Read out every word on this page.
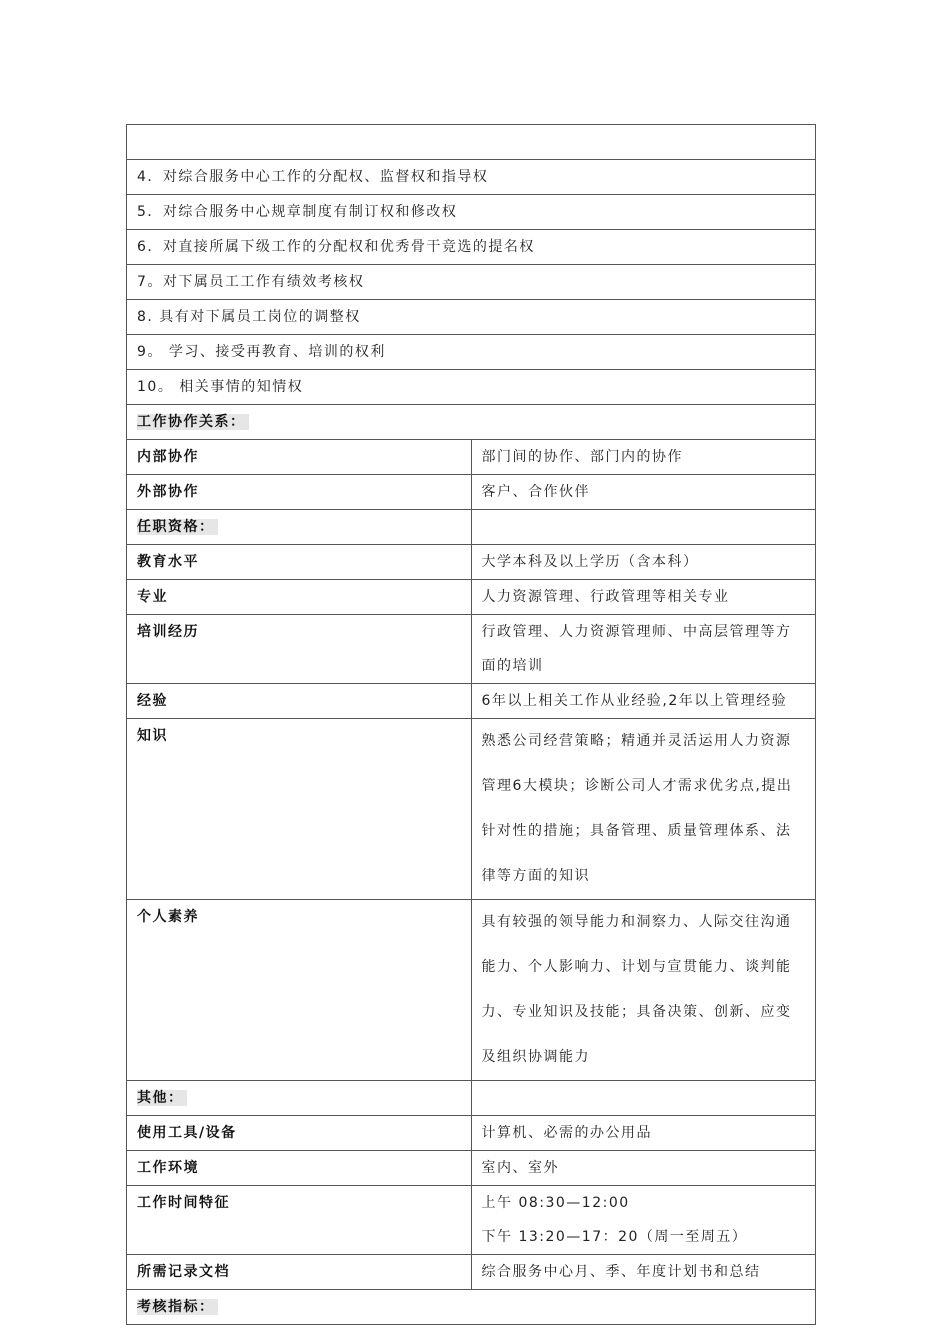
4．对综合服务中心工作的分配权、监督权和指导权	
5．对综合服务中心规章制度有制订权和修改权	
6．对直接所属下级工作的分配权和优秀骨干竞选的提名权	
7。对下属员工工作有绩效考核权	
8. 具有对下属员工岗位的调整权	
9。 学习、接受再教育、培训的权利	
10。 相关事情的知情权	
工作协作关系：	
内部协作	部门间的协作、部门内的协作
外部协作	客户、合作伙伴
任职资格：	
教育水平	大学本科及以上学历（含本科）
专业	人力资源管理、行政管理等相关专业
培训经历	行政管理、人力资源管理师、中高层管理等方面的培训
经验	6年以上相关工作从业经验,2年以上管理经验
知识	熟悉公司经营策略；精通并灵活运用人力资源管理6大模块；诊断公司人才需求优劣点,提出针对性的措施；具备管理、质量管理体系、法律等方面的知识
个人素养	具有较强的领导能力和洞察力、人际交往沟通能力、个人影响力、计划与宣贯能力、谈判能力、专业知识及技能；具备决策、创新、应变及组织协调能力
其他：	
使用工具/设备	计算机、必需的办公用品
工作环境	室内、室外
工作时间特征	上午 08:30—12:00
下午 13:20—17：20（周一至周五）

所需记录文档	综合服务中心月、季、年度计划书和总结
考核指标：	
